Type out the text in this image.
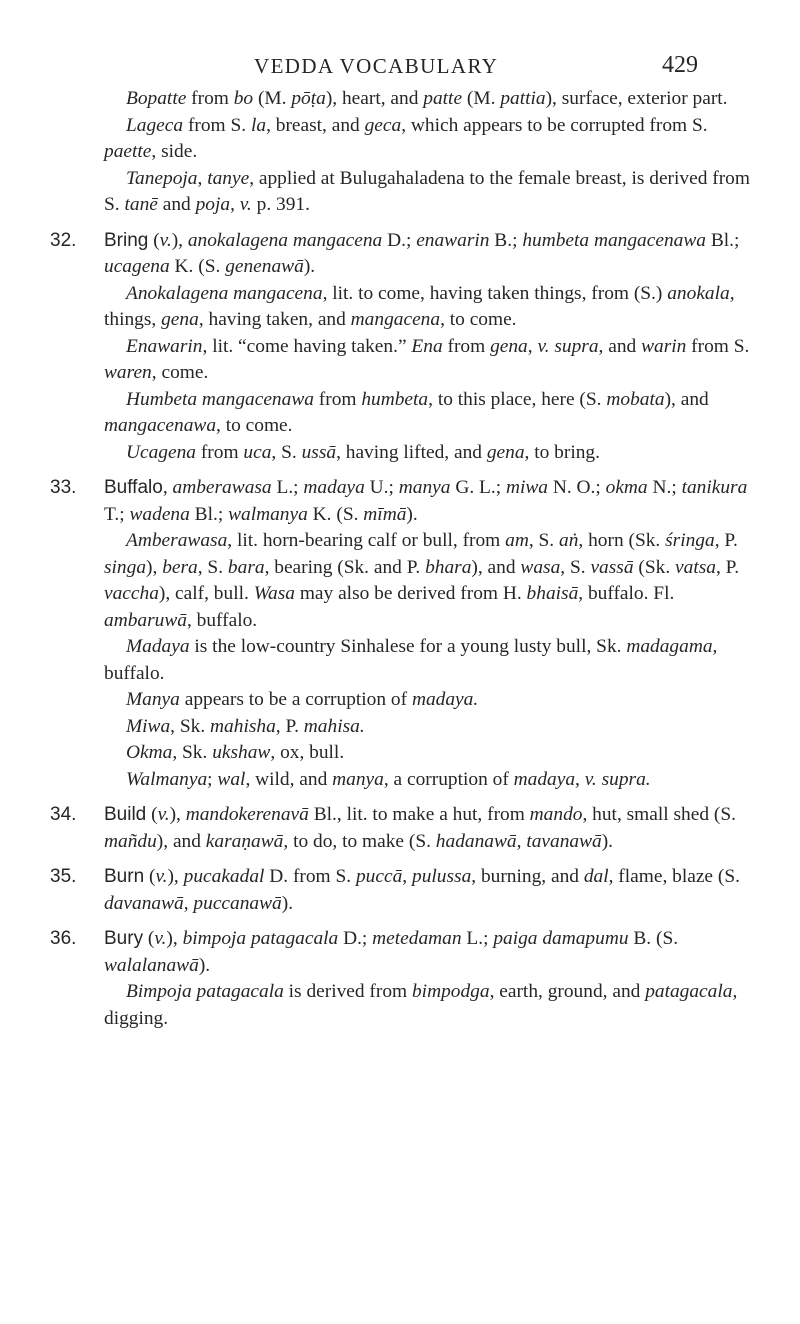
VEDDA VOCABULARY	429

Bopatte from bo (M. pōṭa), heart, and patte (M. pattia), surface, exterior part.

Lageca from S. la, breast, and geca, which appears to be corrupted from S. paette, side.

Tanepoja, tanye, applied at Bulugahaladena to the female breast, is derived from S. tanē and poja, v. p. 391.

32. Bring (v.), anokalagena mangacena D.; enawarin B.; humbeta mangacenawa Bl.; ucagena K. (S. genenawā).

Anokalagena mangacena, lit. to come, having taken things, from (S.) anokala, things, gena, having taken, and mangacena, to come.

Enawarin, lit. “come having taken.” Ena from gena, v. supra, and warin from S. waren, come.

Humbeta mangacenawa from humbeta, to this place, here (S. mobata), and mangacenawa, to come.

Ucagena from uca, S. ussā, having lifted, and gena, to bring.

33. Buffalo, amberawasa L.; madaya U.; manya G. L.; miwa N. O.; okma N.; tanikura T.; wadena Bl.; walmanya K. (S. mīmā).

Amberawasa, lit. horn-bearing calf or bull, from am, S. aṅ, horn (Sk. śringa, P. singa), bera, S. bara, bearing (Sk. and P. bhara), and wasa, S. vassā (Sk. vatsa, P. vaccha), calf, bull. Wasa may also be derived from H. bhaisā, buffalo. Fl. ambaruwā, buffalo.

Madaya is the low-country Sinhalese for a young lusty bull, Sk. madagama, buffalo.

Manya appears to be a corruption of madaya.

Miwa, Sk. mahisha, P. mahisa.

Okma, Sk. ukshaw, ox, bull.

Walmanya; wal, wild, and manya, a corruption of madaya, v. supra.

34. Build (v.), mandokerenavā Bl., lit. to make a hut, from mando, hut, small shed (S. mañdu), and karaṇawā, to do, to make (S. hadanawā, tavanawā).

35. Burn (v.), pucakadal D. from S. puccā, pulussa, burning, and dal, flame, blaze (S. davanawā, puccanawā).

36. Bury (v.), bimpoja patagacala D.; metedaman L.; paiga damapumu B. (S. walalanawā).

Bimpoja patagacala is derived from bimpodga, earth, ground, and patagacala, digging.
